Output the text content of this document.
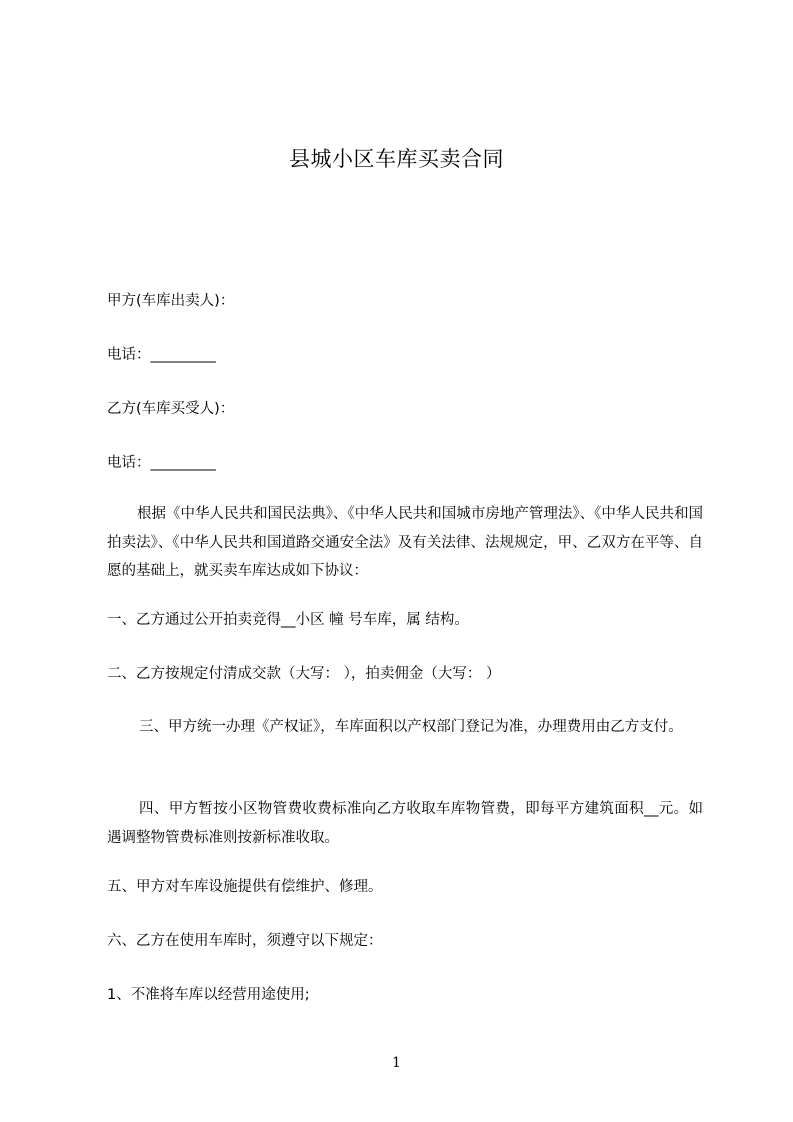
县城小区车库买卖合同
甲方(车库出卖人)：
电话：_________
乙方(车库买受人)：
电话：_________
根据《中华人民共和国民法典》、《中华人民共和国城市房地产管理法》、《中华人民共和国拍卖法》、《中华人民共和国道路交通安全法》及有关法律、法规规定，甲、乙双方在平等、自愿的基础上，就买卖车库达成如下协议：
一、乙方通过公开拍卖竞得__小区 幢 号车库，属 结构。
二、乙方按规定付清成交款（大写： ），拍卖佣金（大写： ）
三、甲方统一办理《产权证》，车库面积以产权部门登记为准，办理费用由乙方支付。
四、甲方暂按小区物管费收费标准向乙方收取车库物管费，即每平方建筑面积__元。如遇调整物管费标准则按新标准收取。
五、甲方对车库设施提供有偿维护、修理。
六、乙方在使用车库时，须遵守以下规定：
1、不准将车库以经营用途使用;
1
